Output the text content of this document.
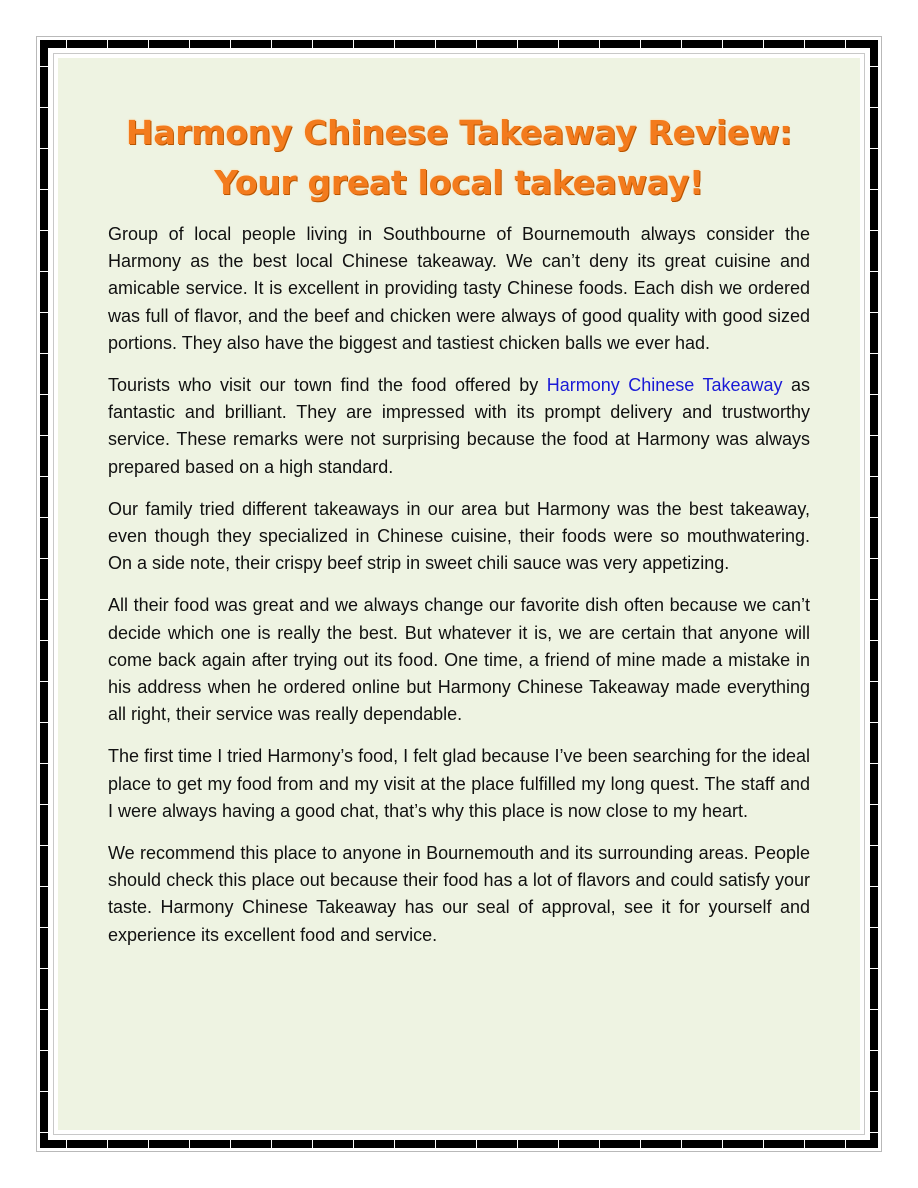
Harmony Chinese Takeaway Review:
Your great local takeaway!

Group of local people living in Southbourne of Bournemouth always consider the Harmony as the best local Chinese takeaway. We can’t deny its great cuisine and amicable service. It is excellent in providing tasty Chinese foods. Each dish we ordered was full of flavor, and the beef and chicken were always of good quality with good sized portions. They also have the biggest and tastiest chicken balls we ever had.

Tourists who visit our town find the food offered by Harmony Chinese Takeaway as fantastic and brilliant. They are impressed with its prompt delivery and trustworthy service. These remarks were not surprising because the food at Harmony was always prepared based on a high standard.

Our family tried different takeaways in our area but Harmony was the best takeaway, even though they specialized in Chinese cuisine, their foods were so mouthwatering. On a side note, their crispy beef strip in sweet chili sauce was very appetizing.

All their food was great and we always change our favorite dish often because we can’t decide which one is really the best. But whatever it is, we are certain that anyone will come back again after trying out its food. One time, a friend of mine made a mistake in his address when he ordered online but Harmony Chinese Takeaway made everything all right, their service was really dependable.

The first time I tried Harmony’s food, I felt glad because I’ve been searching for the ideal place to get my food from and my visit at the place fulfilled my long quest. The staff and I were always having a good chat, that’s why this place is now close to my heart.

We recommend this place to anyone in Bournemouth and its surrounding areas. People should check this place out because their food has a lot of flavors and could satisfy your taste. Harmony Chinese Takeaway has our seal of approval, see it for yourself and experience its excellent food and service.
